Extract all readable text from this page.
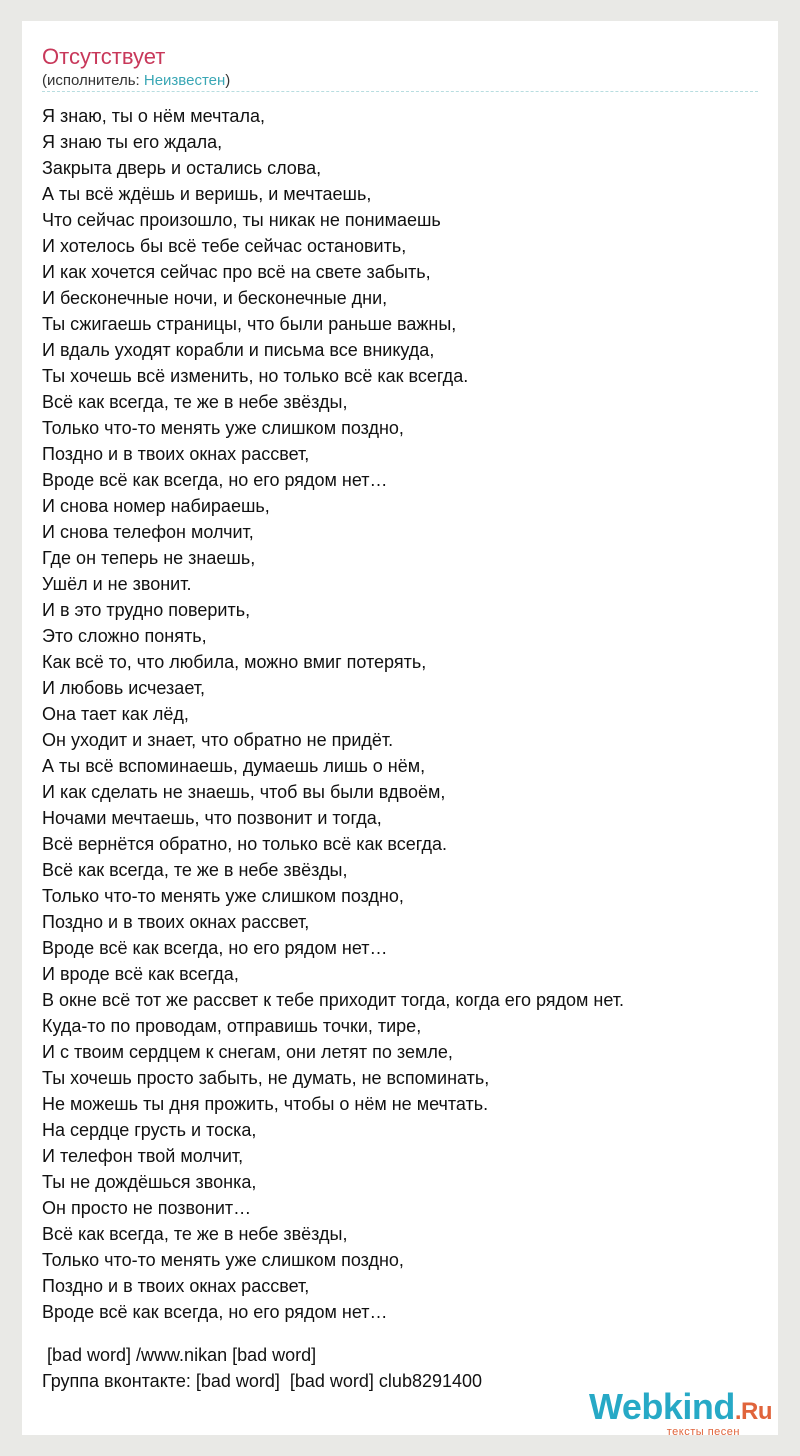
Отсутствует
(исполнитель: Неизвестен)
Я знаю, ты о нём мечтала,
Я знаю ты его ждала,
Закрыта дверь и остались слова,
А ты всё ждёшь и веришь, и мечтаешь,
Что сейчас произошло, ты никак не понимаешь
И хотелось бы всё тебе сейчас остановить,
И как хочется сейчас про всё на свете забыть,
И бесконечные ночи, и бесконечные дни,
Ты сжигаешь страницы, что были раньше важны,
И вдаль уходят корабли и письма все вникуда,
Ты хочешь всё изменить, но только всё как всегда.
Всё как всегда, те же в небе звёзды,
Только что-то менять уже слишком поздно,
Поздно и в твоих окнах рассвет,
Вроде всё как всегда, но его рядом нет…
И снова номер набираешь,
И снова телефон молчит,
Где он теперь не знаешь,
Ушёл и не звонит.
И в это трудно поверить,
Это сложно понять,
Как всё то, что любила, можно вмиг потерять,
И любовь исчезает,
Она тает как лёд,
Он уходит и знает, что обратно не придёт.
А ты всё вспоминаешь, думаешь лишь о нём,
И как сделать не знаешь, чтоб вы были вдвоём,
Ночами мечтаешь, что позвонит и тогда,
Всё вернётся обратно, но только всё как всегда.
Всё как всегда, те же в небе звёзды,
Только что-то менять уже слишком поздно,
Поздно и в твоих окнах рассвет,
Вроде всё как всегда, но его рядом нет…
И вроде всё как всегда,
В окне всё тот же рассвет к тебе приходит тогда, когда его рядом нет.
Куда-то по проводам, отправишь точки, тире,
И с твоим сердцем к снегам, они летят по земле,
Ты хочешь просто забыть, не думать, не вспоминать,
Не можешь ты дня прожить, чтобы о нём не мечтать.
На сердце грусть и тоска,
И телефон твой молчит,
Ты не дождёшься звонка,
Он просто не позвонит…
Всё как всегда, те же в небе звёзды,
Только что-то менять уже слишком поздно,
Поздно и в твоих окнах рассвет,
Вроде всё как всегда, но его рядом нет…
[bad word] /www.nikan [bad word]
Группа вконтакте: [bad word]  [bad word] club8291400
Webkind.Ru
тексты песен
